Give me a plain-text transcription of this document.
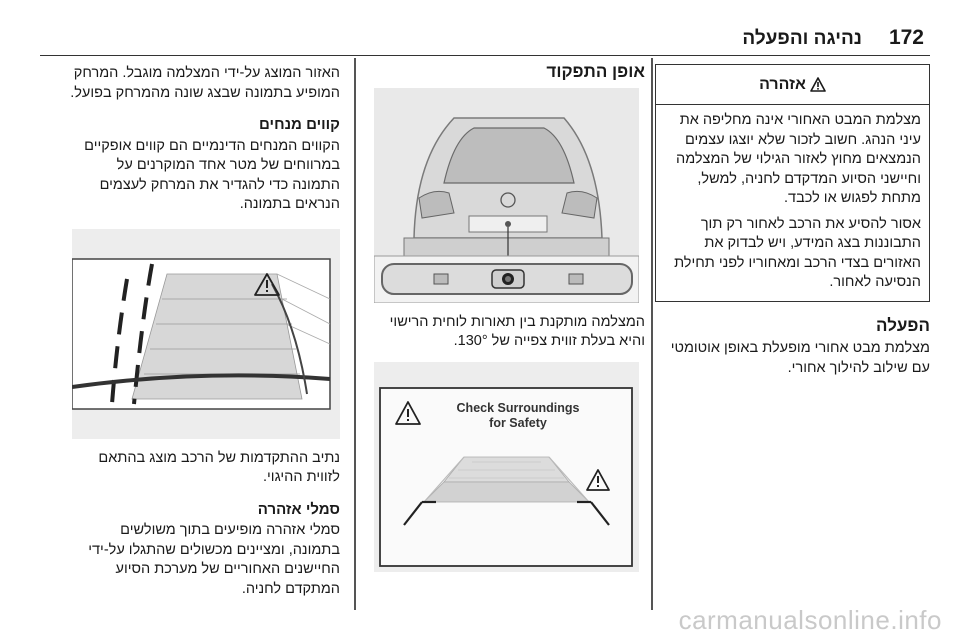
172
נהיגה והפעלה
אזהרה

מצלמת המבט האחורי אינה מחליפה את עיני הנהג. חשוב לזכור שלא יוצגו עצמים הנמצאים מחוץ לאזור הגילוי של המצלמה וחיישני הסיוע המדקדם לחניה, למשל, מתחת לפגוש או לכבד.

אסור להסיע את הרכב לאחור רק תוך התבוננות בצג המידע, ויש לבדוק את האזורים בצדי הרכב ומאחוריו לפני תחילת הנסיעה לאחור.

הפעלה

מצלמת מבט אחורי מופעלת באופן אוטומטי עם שילוב להילוך אחורי.

אופן התפקוד

המצלמה מותקנת בין תאורות לוחית הרישוי והיא בעלת זווית צפייה של 130°.

Check Surroundings
for Safety

האזור המוצג על-ידי המצלמה מוגבל. המרחק המופיע בתמונה שבצג שונה מהמרחק בפועל.

קווים מנחים

הקווים המנחים הדינמיים הם קווים אופקיים במרווחים של מטר אחד המוקרנים על התמונה כדי להגדיר את המרחק לעצמים הנראים בתמונה.

נתיב ההתקדמות של הרכב מוצג בהתאם לזווית ההיגוי.

סמלי אזהרה

סמלי אזהרה מופיעים בתוך משולשים בתמונה, ומציינים מכשולים שהתגלו על-ידי החיישנים האחוריים של מערכת הסיוע המתקדם לחניה.

carmanualsonline.info
